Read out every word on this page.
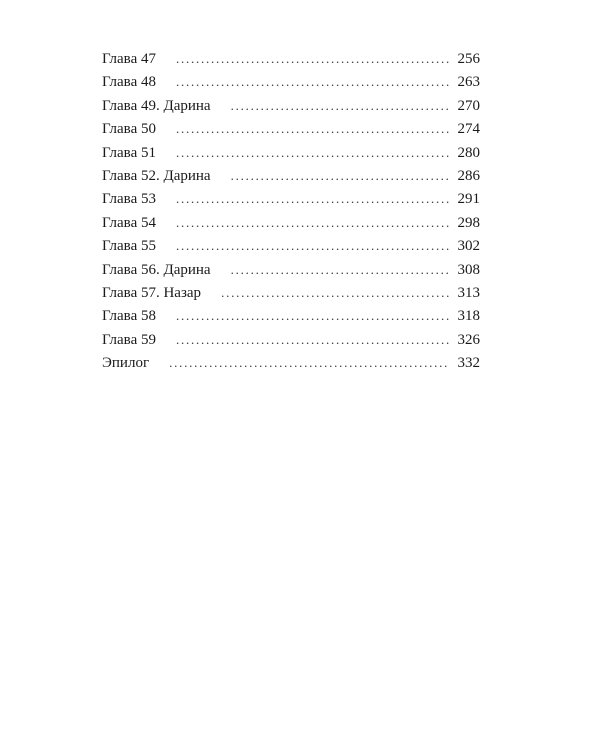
Глава 47 . . .	256
Глава 48 . . .	263
Глава 49. Дарина . . .	270
Глава 50 . . .	274
Глава 51 . . .	280
Глава 52. Дарина . . .	286
Глава 53 . . .	291
Глава 54 . . .	298
Глава 55 . . .	302
Глава 56. Дарина . . .	308
Глава 57. Назар . . .	313
Глава 58 . . .	318
Глава 59 . . .	326
Эпилог . . .	332
